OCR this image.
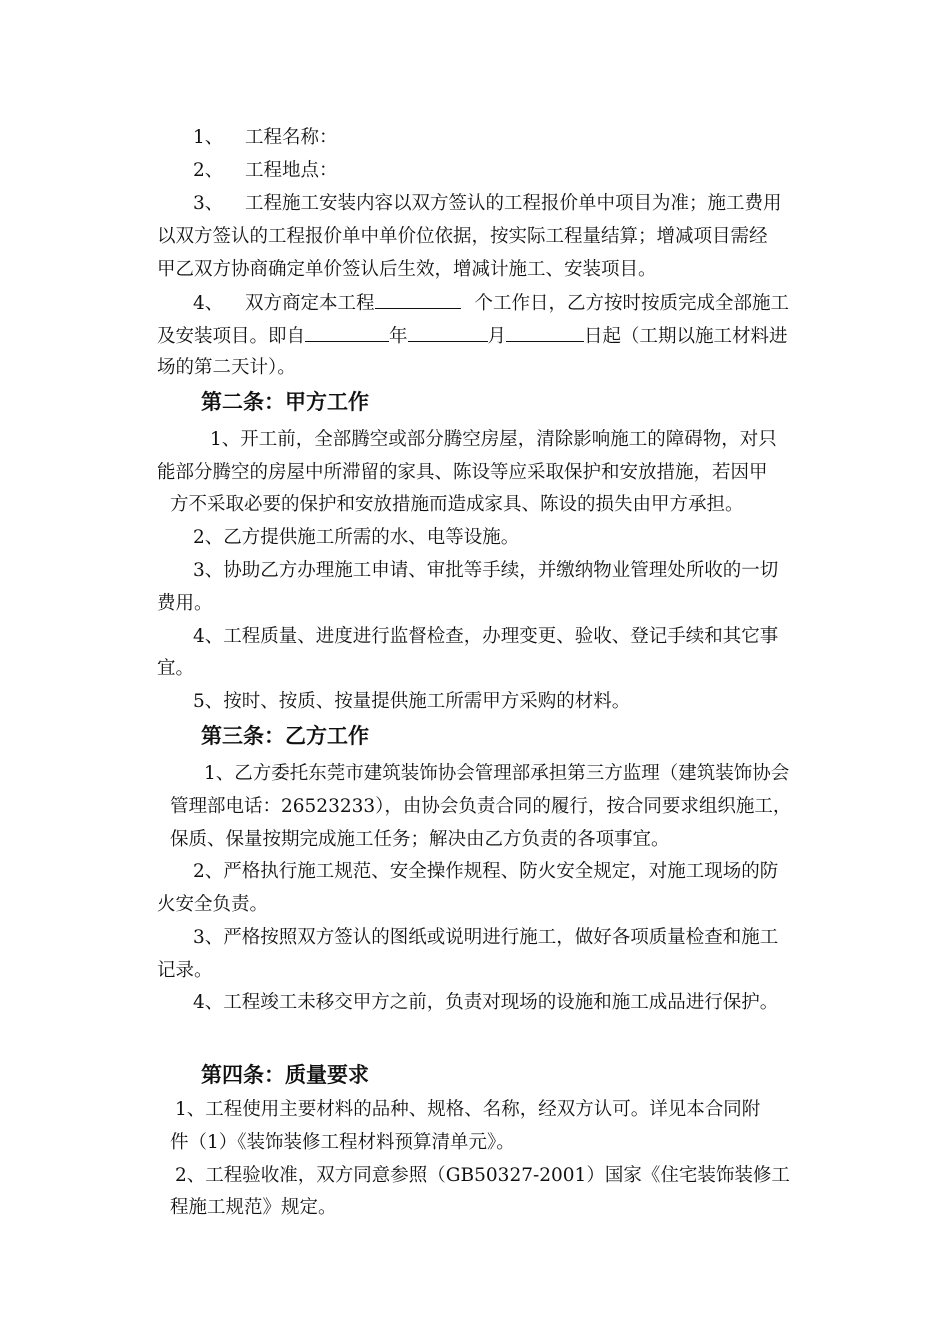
1、 工程名称：
2、 工程地点：
3、 工程施工安装内容以双方签认的工程报价单中项目为准；施工费用
以双方签认的工程报价单中单价位依据，按实际工程量结算；增减项目需经
甲乙双方协商确定单价签认后生效，增减计施工、安装项目。
4、 双方商定本工程	个工作日，乙方按时按质完成全部施工
及安装项目。即自	年	月	日起（工期以施工材料进
场的第二天计）。
第二条：甲方工作
1、开工前，全部腾空或部分腾空房屋，清除影响施工的障碍物，对只
能部分腾空的房屋中所滞留的家具、陈设等应采取保护和安放措施，若因甲
方不采取必要的保护和安放措施而造成家具、陈设的损失由甲方承担。
2、乙方提供施工所需的水、电等设施。
3、协助乙方办理施工申请、审批等手续，并缴纳物业管理处所收的一切
费用。
4、工程质量、进度进行监督检查，办理变更、验收、登记手续和其它事
宜。
5、按时、按质、按量提供施工所需甲方采购的材料。
第三条：乙方工作
1、乙方委托东莞市建筑装饰协会管理部承担第三方监理（建筑装饰协会
管理部电话：26523233），由协会负责合同的履行，按合同要求组织施工，
保质、保量按期完成施工任务；解决由乙方负责的各项事宜。
2、严格执行施工规范、安全操作规程、防火安全规定，对施工现场的防
火安全负责。
3、严格按照双方签认的图纸或说明进行施工，做好各项质量检查和施工
记录。
4、工程竣工未移交甲方之前，负责对现场的设施和施工成品进行保护。
第四条：质量要求
1、工程使用主要材料的品种、规格、名称，经双方认可。详见本合同附
件（1）《装饰装修工程材料预算清单元》。
2、工程验收准，双方同意参照（GB50327-2001）国家《住宅装饰装修工
程施工规范》规定。
